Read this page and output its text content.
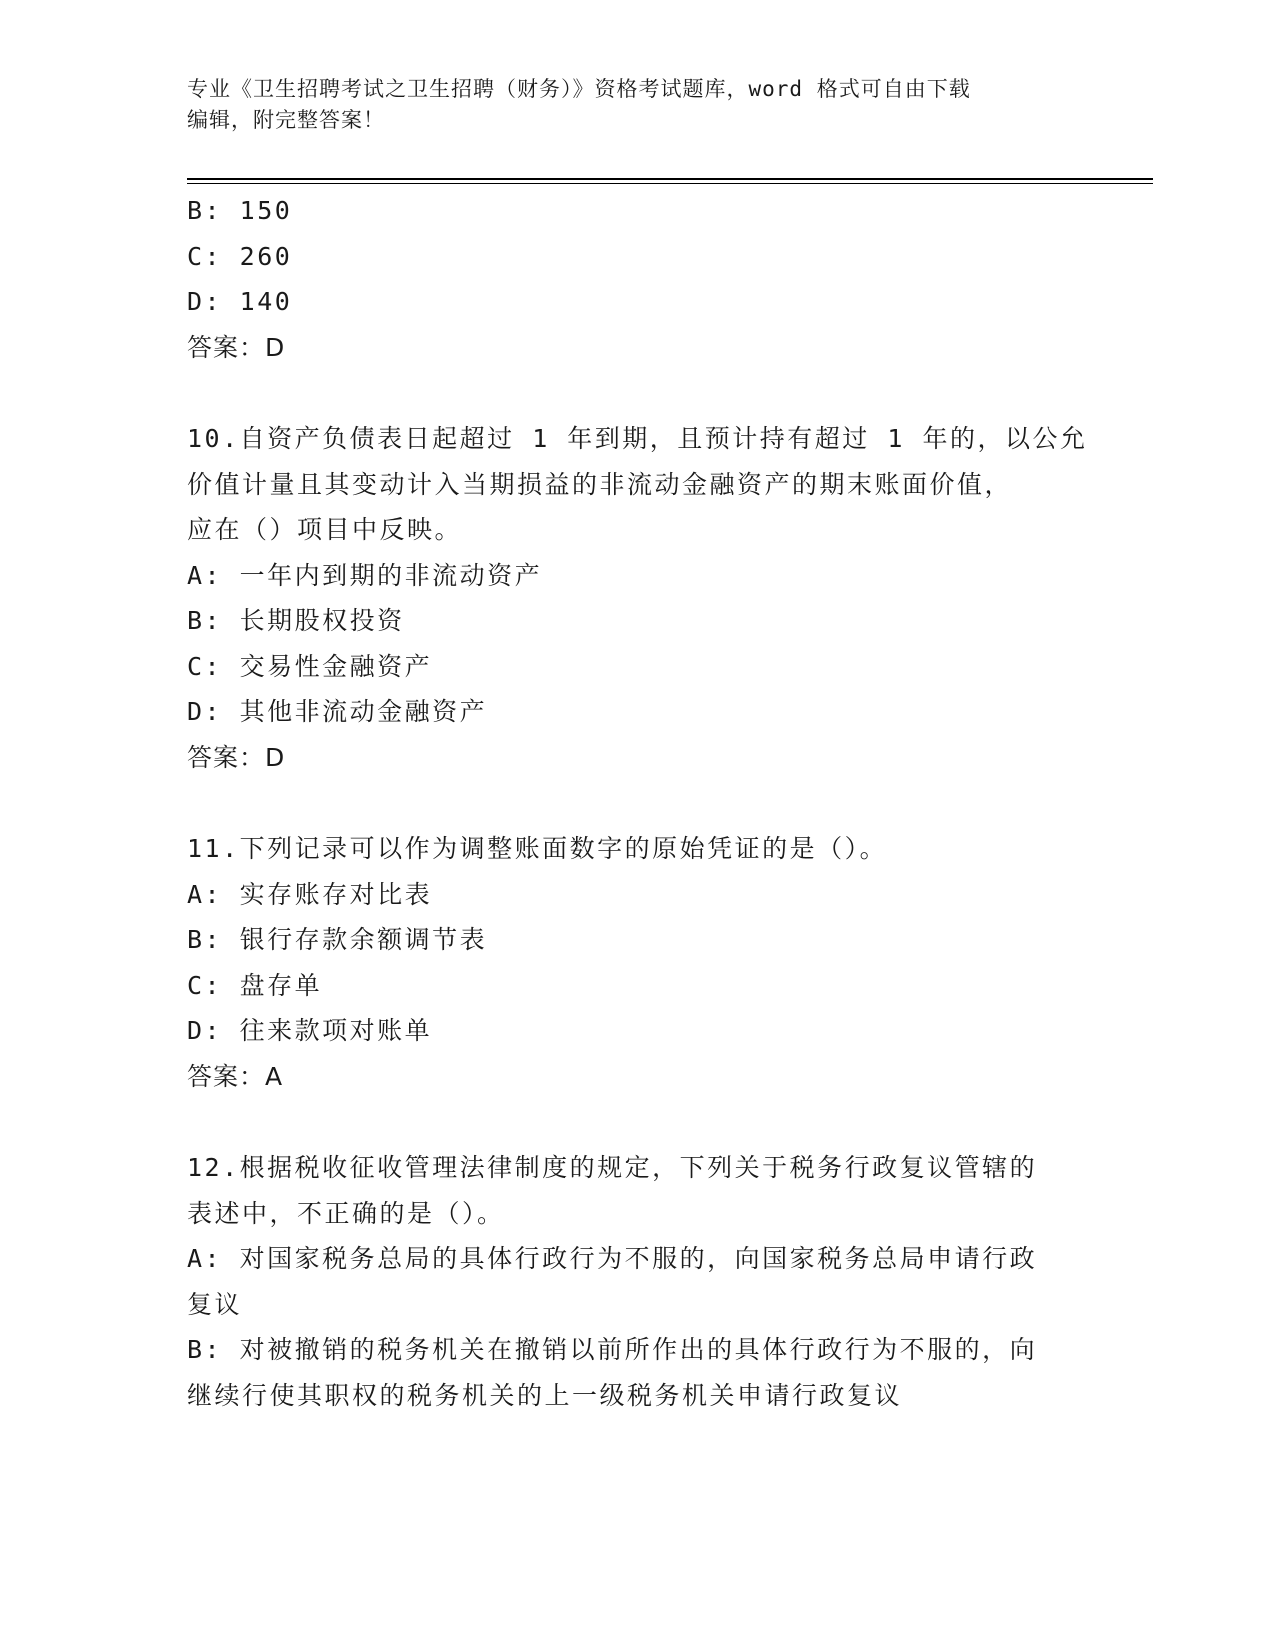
专业《卫生招聘考试之卫生招聘（财务）》资格考试题库，word 格式可自由下载
编辑，附完整答案！
B: 150
C: 260
D: 140
答案：D
10.自资产负债表日起超过 1 年到期，且预计持有超过 1 年的，以公允
价值计量且其变动计入当期损益的非流动金融资产的期末账面价值，
应在（）项目中反映。
A: 一年内到期的非流动资产
B: 长期股权投资
C: 交易性金融资产
D: 其他非流动金融资产
答案：D
11.下列记录可以作为调整账面数字的原始凭证的是（）。
A: 实存账存对比表
B: 银行存款余额调节表
C: 盘存单
D: 往来款项对账单
答案：A
12.根据税收征收管理法律制度的规定，下列关于税务行政复议管辖的
表述中，不正确的是（）。
A: 对国家税务总局的具体行政行为不服的，向国家税务总局申请行政
复议
B: 对被撤销的税务机关在撤销以前所作出的具体行政行为不服的，向
继续行使其职权的税务机关的上一级税务机关申请行政复议
